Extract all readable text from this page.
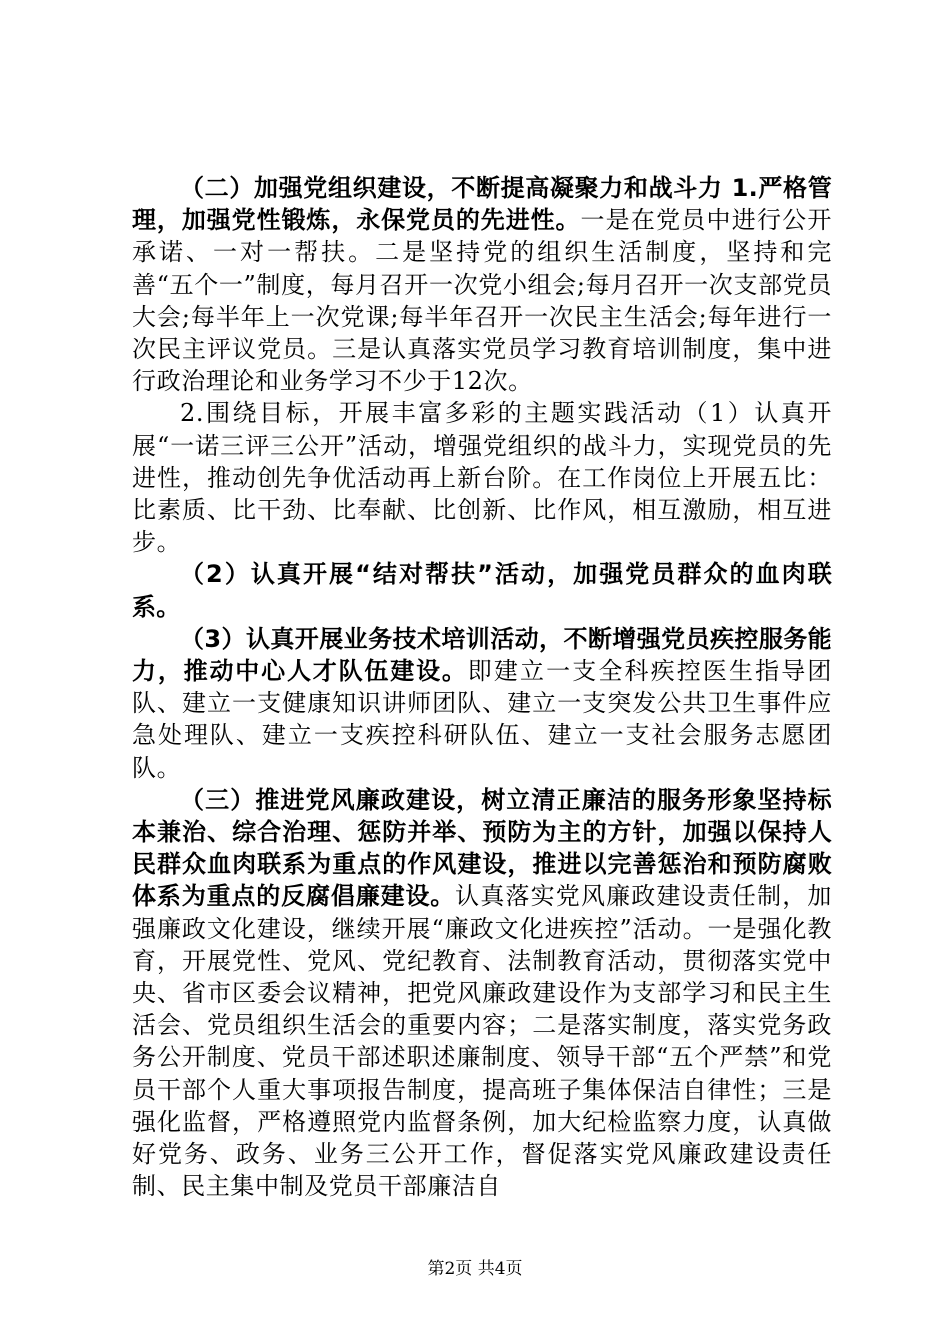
（二）加强党组织建设，不断提高凝聚力和战斗力 1.严格管理，加强党性锻炼，永保党员的先进性。一是在党员中进行公开承诺、一对一帮扶。二是坚持党的组织生活制度，坚持和完善“五个一”制度，每月召开一次党小组会;每月召开一次支部党员大会;每半年上一次党课;每半年召开一次民主生活会;每年进行一次民主评议党员。三是认真落实党员学习教育培训制度，集中进行政治理论和业务学习不少于12次。

2.围绕目标，开展丰富多彩的主题实践活动（1）认真开展“一诺三评三公开”活动，增强党组织的战斗力，实现党员的先进性，推动创先争优活动再上新台阶。在工作岗位上开展五比：比素质、比干劲、比奉献、比创新、比作风，相互激励，相互进步。

（2）认真开展“结对帮扶”活动，加强党员群众的血肉联系。

（3）认真开展业务技术培训活动，不断增强党员疾控服务能力，推动中心人才队伍建设。即建立一支全科疾控医生指导团队、建立一支健康知识讲师团队、建立一支突发公共卫生事件应急处理队、建立一支疾控科研队伍、建立一支社会服务志愿团队。

（三）推进党风廉政建设，树立清正廉洁的服务形象坚持标本兼治、综合治理、惩防并举、预防为主的方针，加强以保持人民群众血肉联系为重点的作风建设，推进以完善惩治和预防腐败体系为重点的反腐倡廉建设。认真落实党风廉政建设责任制，加强廉政文化建设，继续开展“廉政文化进疾控”活动。一是强化教育，开展党性、党风、党纪教育、法制教育活动，贯彻落实党中央、省市区委会议精神，把党风廉政建设作为支部学习和民主生活会、党员组织生活会的重要内容；二是落实制度，落实党务政务公开制度、党员干部述职述廉制度、领导干部“五个严禁”和党员干部个人重大事项报告制度，提高班子集体保洁自律性；三是强化监督，严格遵照党内监督条例，加大纪检监察力度，认真做好党务、政务、业务三公开工作，督促落实党风廉政建设责任制、民主集中制及党员干部廉洁自

第2页 共4页
